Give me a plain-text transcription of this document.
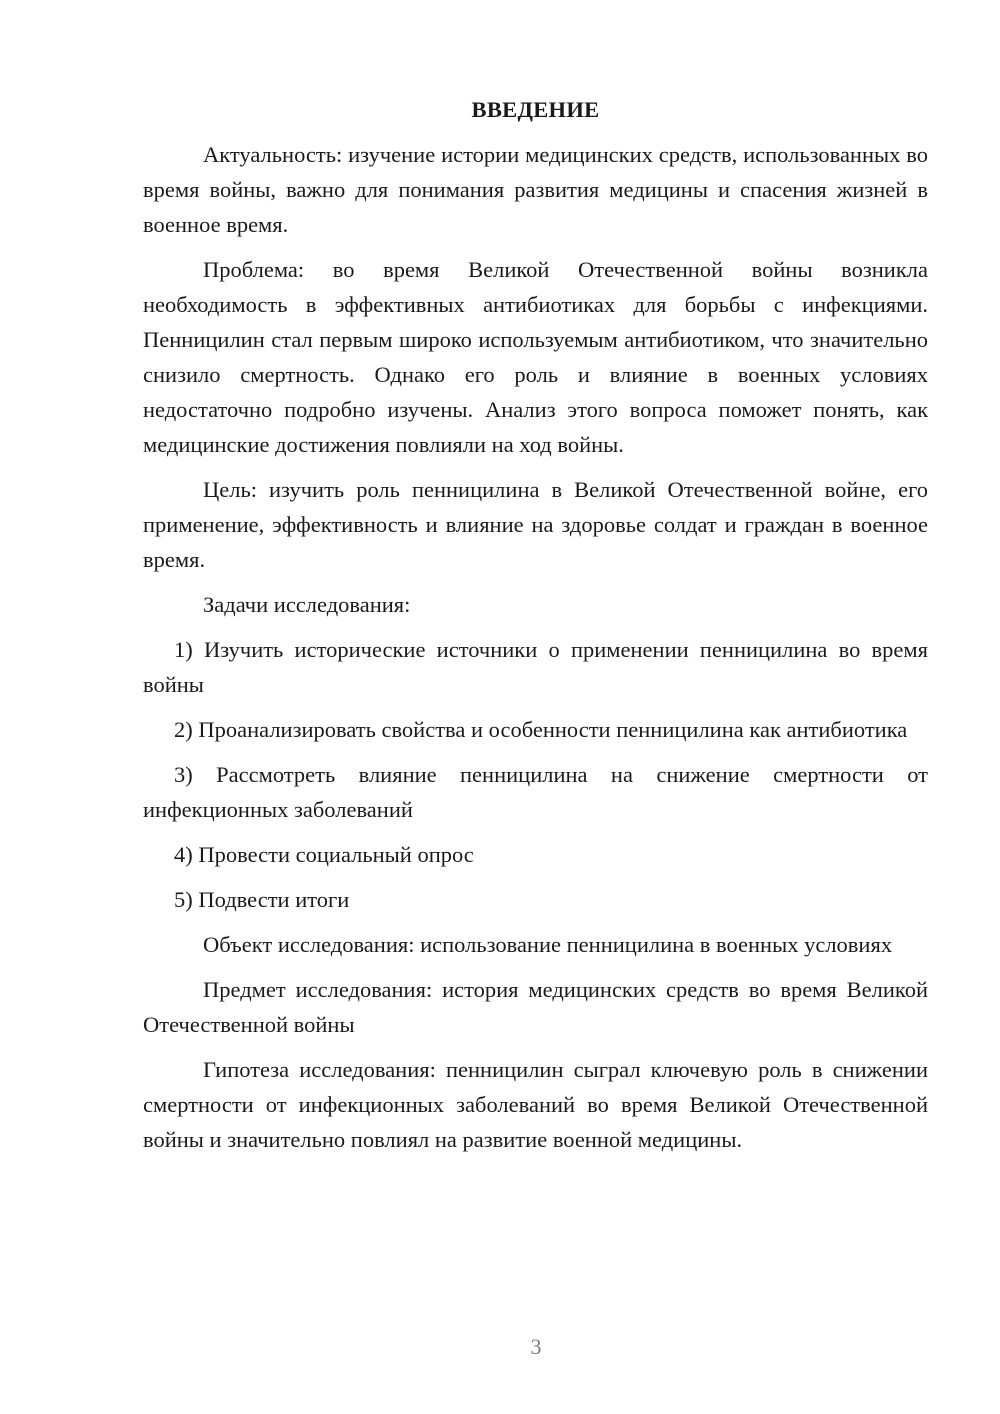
ВВЕДЕНИЕ

Актуальность: изучение истории медицинских средств, использованных во время войны, важно для понимания развития медицины и спасения жизней в военное время.

Проблема: во время Великой Отечественной войны возникла необходимость в эффективных антибиотиках для борьбы с инфекциями. Пенницилин стал первым широко используемым антибиотиком, что значительно снизило смертность. Однако его роль и влияние в военных условиях недостаточно подробно изучены. Анализ этого вопроса поможет понять, как медицинские достижения повлияли на ход войны.

Цель: изучить роль пенницилина в Великой Отечественной войне, его применение, эффективность и влияние на здоровье солдат и граждан в военное время.

Задачи исследования:

1) Изучить исторические источники о применении пенницилина во время войны

2) Проанализировать свойства и особенности пенницилина как антибиотика

3) Рассмотреть влияние пенницилина на снижение смертности от инфекционных заболеваний

4) Провести социальный опрос

5) Подвести итоги

Объект исследования: использование пенницилина в военных условиях

Предмет исследования: история медицинских средств во время Великой Отечественной войны

Гипотеза исследования: пенницилин сыграл ключевую роль в снижении смертности от инфекционных заболеваний во время Великой Отечественной войны и значительно повлиял на развитие военной медицины.

3
